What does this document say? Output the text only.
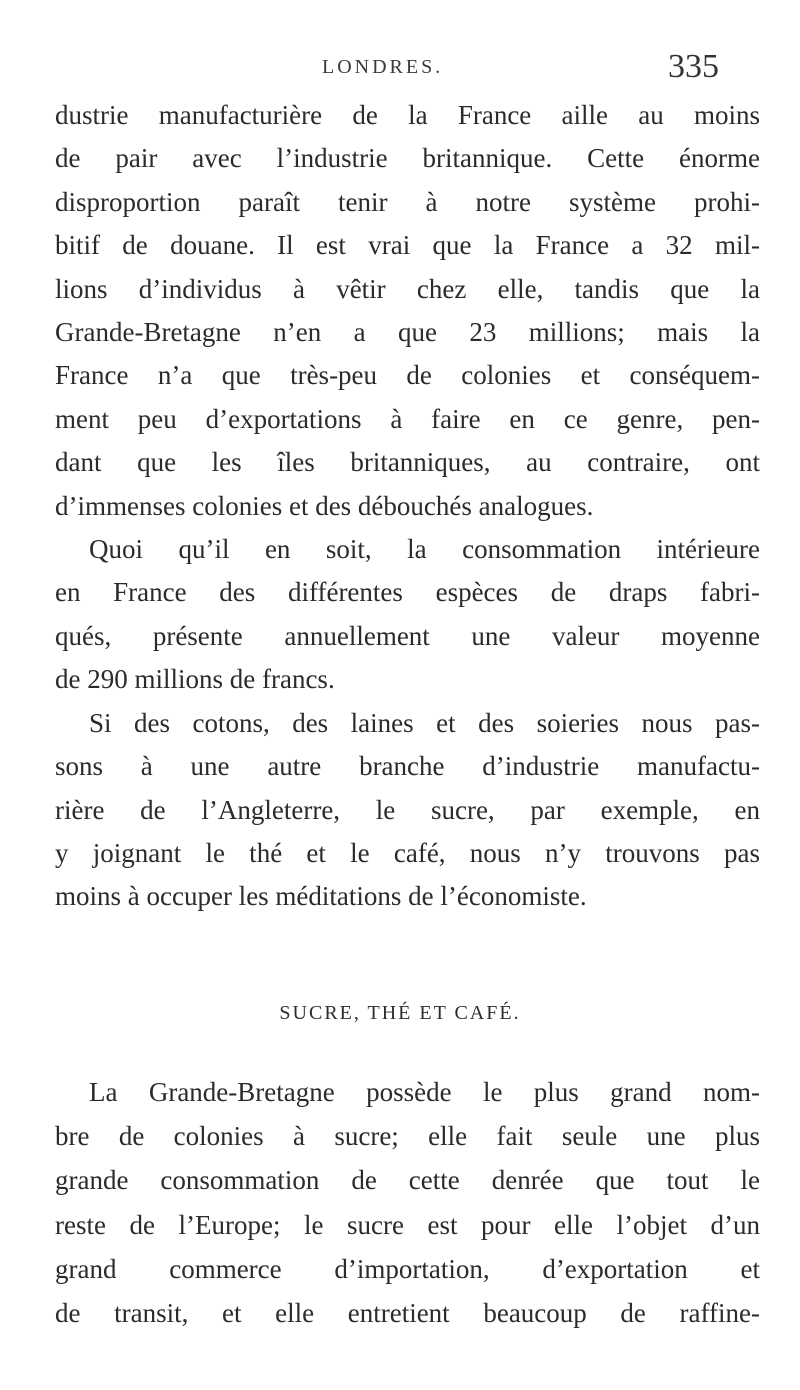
LONDRES.	335
dustrie manufacturière de la France aille au moins
de pair avec l’industrie britannique. Cette énorme
disproportion paraît tenir à notre système prohi-
bitif de douane. Il est vrai que la France a 32 mil-
lions d’individus à vêtir chez elle, tandis que la
Grande-Bretagne n’en a que 23 millions; mais la
France n’a que très-peu de colonies et conséquem-
ment peu d’exportations à faire en ce genre, pen-
dant que les îles britanniques, au contraire, ont
d’immenses colonies et des débouchés analogues.
Quoi qu’il en soit, la consommation intérieure
en France des différentes espèces de draps fabri-
qués, présente annuellement une valeur moyenne
de 290 millions de francs.
Si des cotons, des laines et des soieries nous pas-
sons à une autre branche d’industrie manufactu-
rière de l’Angleterre, le sucre, par exemple, en
y joignant le thé et le café, nous n’y trouvons pas
moins à occuper les méditations de l’économiste.
SUCRE, THÉ ET CAFÉ.
La Grande-Bretagne possède le plus grand nom-
bre de colonies à sucre; elle fait seule une plus
grande consommation de cette denrée que tout le
reste de l’Europe; le sucre est pour elle l’objet d’un
grand commerce d’importation, d’exportation et
de transit, et elle entretient beaucoup de raffine-
